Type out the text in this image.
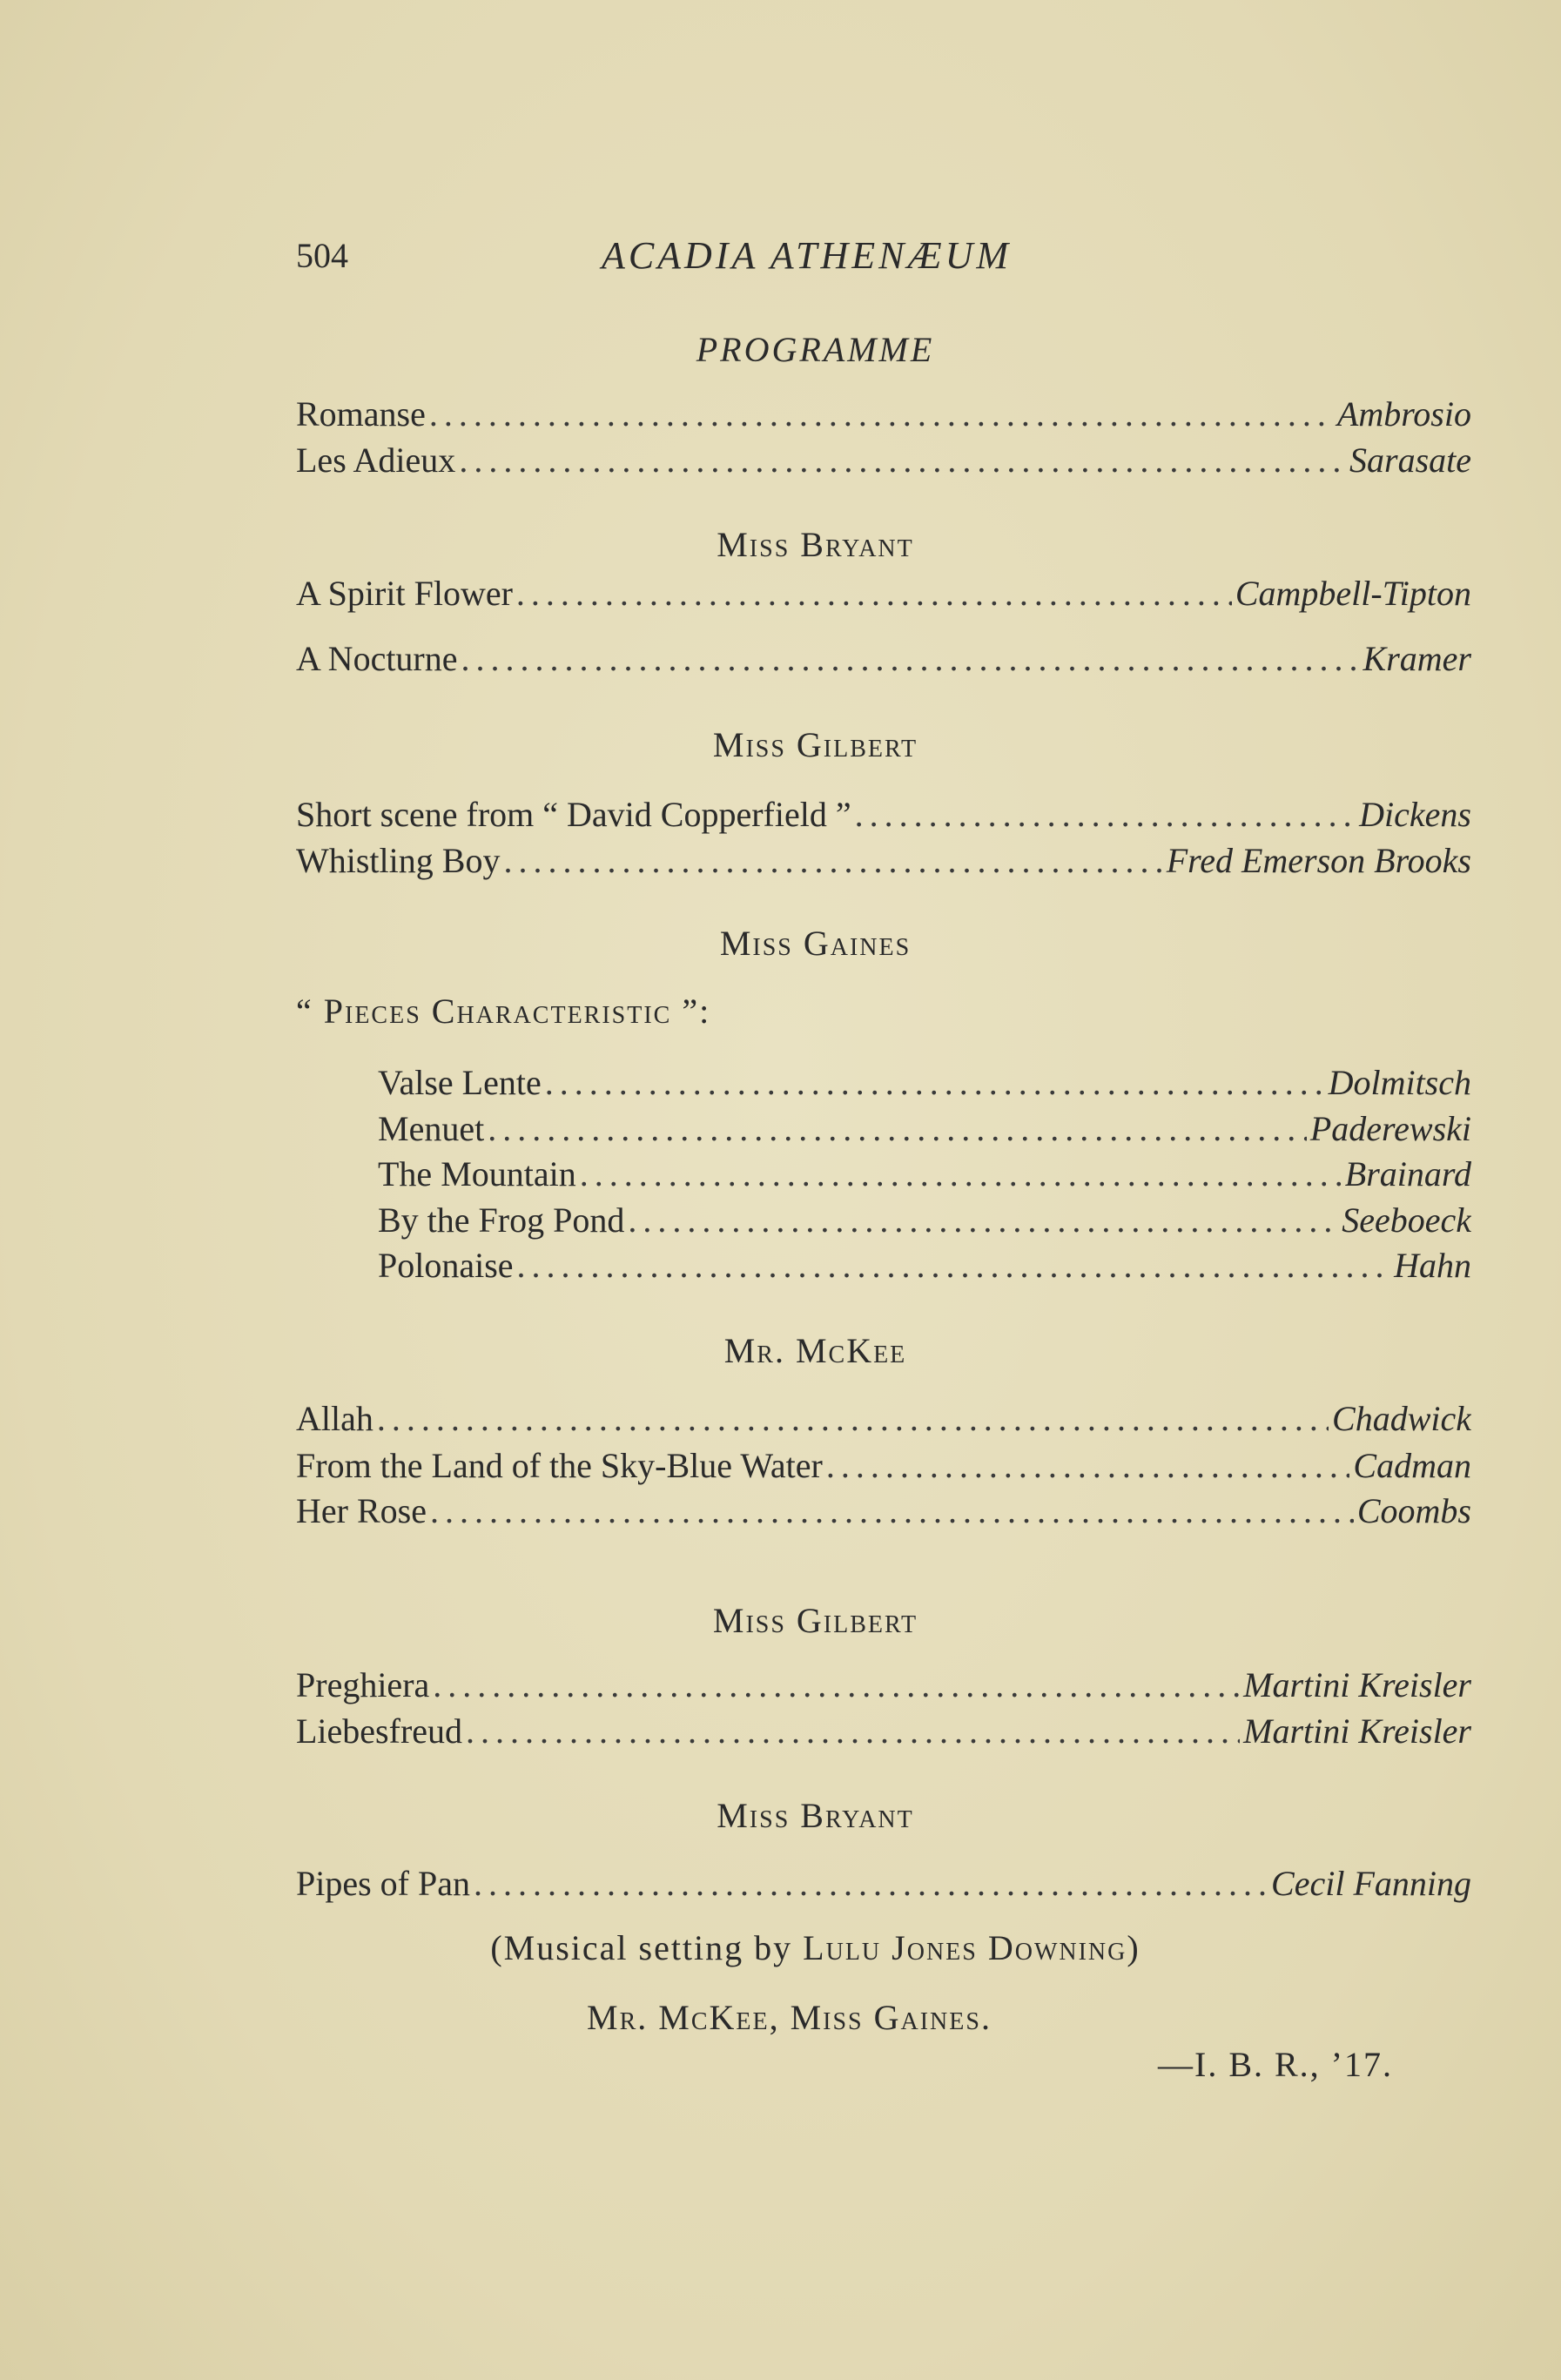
504	ACADIA ATHENÆUM
PROGRAMME
Romanse .....	Ambrosio
Les Adieux .....	Sarasate
Miss Bryant
A Spirit Flower .....	Campbell-Tipton
A Nocturne .....	Kramer
Miss Gilbert
Short scene from “ David Copperfield ” .....	Dickens
Whistling Boy .....	Fred Emerson Brooks
Miss Gaines
“ Pieces Characteristic ”:
Valse Lente .....	Dolmitsch
Menuet .....	Paderewski
The Mountain .....	Brainard
By the Frog Pond .....	Seeboeck
Polonaise .....	Hahn
Mr. McKee
Allah .....	Chadwick
From the Land of the Sky-Blue Water .....	Cadman
Her Rose .....	Coombs
Miss Gilbert
Preghiera .....	Martini Kreisler
Liebesfreud .....	Martini Kreisler
Miss Bryant
Pipes of Pan .....	Cecil Fanning
(Musical setting by Lulu Jones Downing)
Mr. McKee, Miss Gaines.
—I. B. R., ’17.
